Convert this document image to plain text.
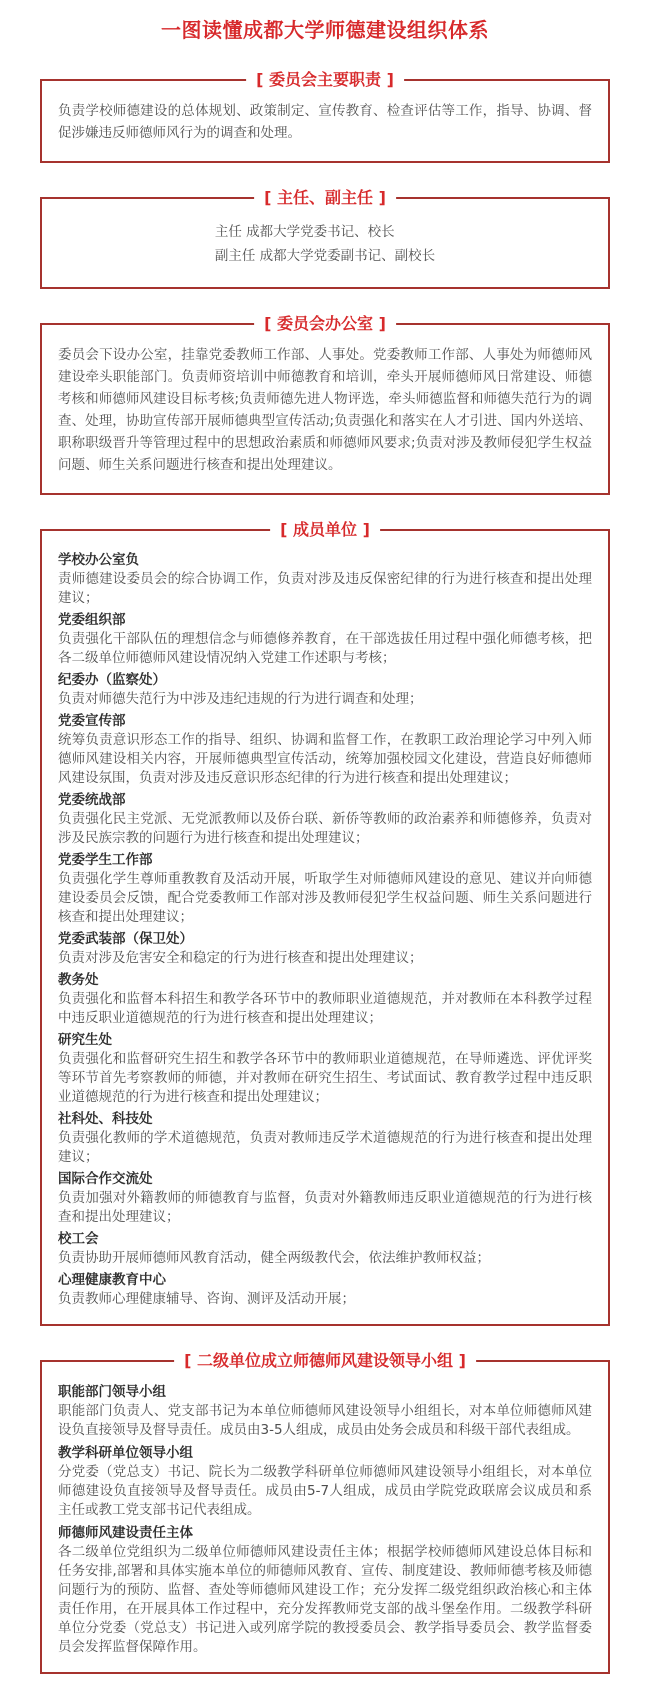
一图读懂成都大学师德建设组织体系
[ 委员会主要职责 ]

负责学校师德建设的总体规划、政策制定、宣传教育、检查评估等工作，指导、协调、督促涉嫌违反师德师风行为的调查和处理。

[ 主任、副主任 ]
主任 成都大学党委书记、校长
副主任 成都大学党委副书记、副校长
[ 委员会办公室 ]

委员会下设办公室，挂靠党委教师工作部、人事处。党委教师工作部、人事处为师德师风建设牵头职能部门。负责师资培训中师德教育和培训，牵头开展师德师风日常建设、师德考核和师德师风建设目标考核;负责师德先进人物评选，牵头师德监督和师德失范行为的调查、处理，协助宣传部开展师德典型宣传活动;负责强化和落实在人才引进、国内外送培、职称职级晋升等管理过程中的思想政治素质和师德师风要求;负责对涉及教师侵犯学生权益问题、师生关系问题进行核查和提出处理建议。

[ 成员单位 ]
学校办公室负
责师德建设委员会的综合协调工作，负责对涉及违反保密纪律的行为进行核查和提出处理建议；
党委组织部
负责强化干部队伍的理想信念与师德修养教育，在干部选拔任用过程中强化师德考核，把各二级单位师德师风建设情况纳入党建工作述职与考核；
纪委办（监察处）
负责对师德失范行为中涉及违纪违规的行为进行调查和处理；
党委宣传部
统筹负责意识形态工作的指导、组织、协调和监督工作，在教职工政治理论学习中列入师德师风建设相关内容，开展师德典型宣传活动，统筹加强校园文化建设，营造良好师德师风建设氛围，负责对涉及违反意识形态纪律的行为进行核查和提出处理建议；
党委统战部
负责强化民主党派、无党派教师以及侨台联、新侨等教师的政治素养和师德修养，负责对涉及民族宗教的问题行为进行核查和提出处理建议；
党委学生工作部
负责强化学生尊师重教教育及活动开展，听取学生对师德师风建设的意见、建议并向师德建设委员会反馈，配合党委教师工作部对涉及教师侵犯学生权益问题、师生关系问题进行核查和提出处理建议；
党委武装部（保卫处）
负责对涉及危害安全和稳定的行为进行核查和提出处理建议；
教务处
负责强化和监督本科招生和教学各环节中的教师职业道德规范，并对教师在本科教学过程中违反职业道德规范的行为进行核查和提出处理建议；
研究生处
负责强化和监督研究生招生和教学各环节中的教师职业道德规范，在导师遴选、评优评奖等环节首先考察教师的师德，并对教师在研究生招生、考试面试、教育教学过程中违反职业道德规范的行为进行核查和提出处理建议；
社科处、科技处
负责强化教师的学术道德规范，负责对教师违反学术道德规范的行为进行核查和提出处理建议；
国际合作交流处
负责加强对外籍教师的师德教育与监督，负责对外籍教师违反职业道德规范的行为进行核查和提出处理建议；
校工会
负责协助开展师德师风教育活动，健全两级教代会，依法维护教师权益；
心理健康教育中心
负责教师心理健康辅导、咨询、测评及活动开展；
[ 二级单位成立师德师风建设领导小组 ]
职能部门领导小组
职能部门负责人、党支部书记为本单位师德师风建设领导小组组长，对本单位师德师风建设负直接领导及督导责任。成员由3-5人组成，成员由处务会成员和科级干部代表组成。
教学科研单位领导小组
分党委（党总支）书记、院长为二级教学科研单位师德师风建设领导小组组长，对本单位师德建设负直接领导及督导责任。成员由5-7人组成，成员由学院党政联席会议成员和系主任或教工党支部书记代表组成。
师德师风建设责任主体
各二级单位党组织为二级单位师德师风建设责任主体；根据学校师德师风建设总体目标和任务安排,部署和具体实施本单位的师德师风教育、宣传、制度建设、教师师德考核及师德问题行为的预防、监督、查处等师德师风建设工作；充分发挥二级党组织政治核心和主体责任作用，在开展具体工作过程中，充分发挥教师党支部的战斗堡垒作用。二级教学科研单位分党委（党总支）书记进入或列席学院的教授委员会、教学指导委员会、教学监督委员会发挥监督保障作用。
